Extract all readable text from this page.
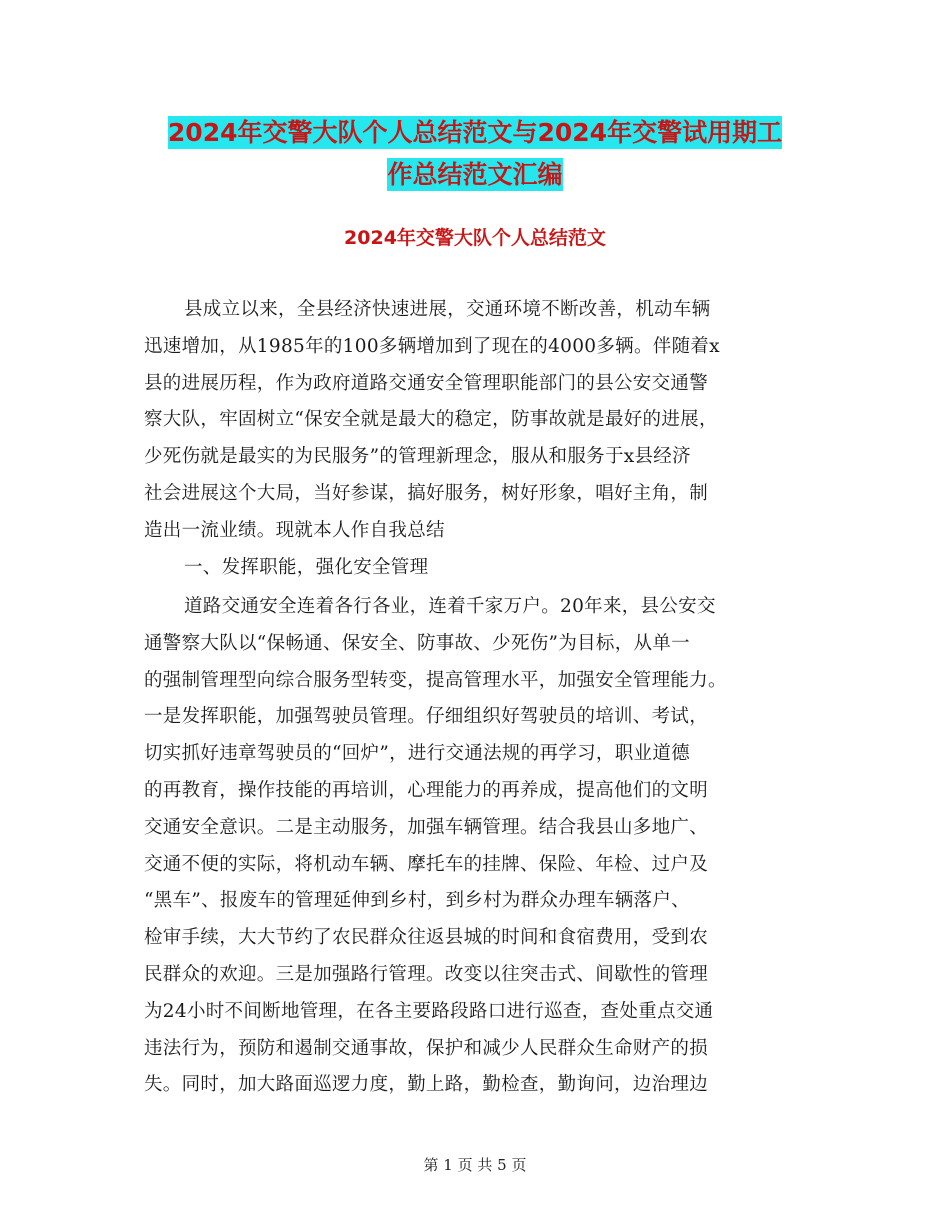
2024年交警大队个人总结范文与2024年交警试用期工
作总结范文汇编
2024年交警大队个人总结范文
县成立以来，全县经济快速进展，交通环境不断改善，机动车辆
迅速增加，从1985年的100多辆增加到了现在的4000多辆。伴随着x
县的进展历程，作为政府道路交通安全管理职能部门的县公安交通警
察大队，牢固树立“保安全就是最大的稳定，防事故就是最好的进展，
少死伤就是最实的为民服务”的管理新理念，服从和服务于x县经济
社会进展这个大局，当好参谋，搞好服务，树好形象，唱好主角，制
造出一流业绩。现就本人作自我总结
一、发挥职能，强化安全管理
道路交通安全连着各行各业，连着千家万户。20年来，县公安交
通警察大队以“保畅通、保安全、防事故、少死伤”为目标，从单一
的强制管理型向综合服务型转变，提高管理水平，加强安全管理能力。
一是发挥职能，加强驾驶员管理。仔细组织好驾驶员的培训、考试，
切实抓好违章驾驶员的“回炉”，进行交通法规的再学习，职业道德
的再教育，操作技能的再培训，心理能力的再养成，提高他们的文明
交通安全意识。二是主动服务，加强车辆管理。结合我县山多地广、
交通不便的实际，将机动车辆、摩托车的挂牌、保险、年检、过户及
“黑车”、报废车的管理延伸到乡村，到乡村为群众办理车辆落户、
检审手续，大大节约了农民群众往返县城的时间和食宿费用，受到农
民群众的欢迎。三是加强路行管理。改变以往突击式、间歇性的管理
为24小时不间断地管理，在各主要路段路口进行巡查，查处重点交通
违法行为，预防和遏制交通事故，保护和减少人民群众生命财产的损
失。同时，加大路面巡逻力度，勤上路，勤检查，勤询问，边治理边
第 1 页 共 5 页
